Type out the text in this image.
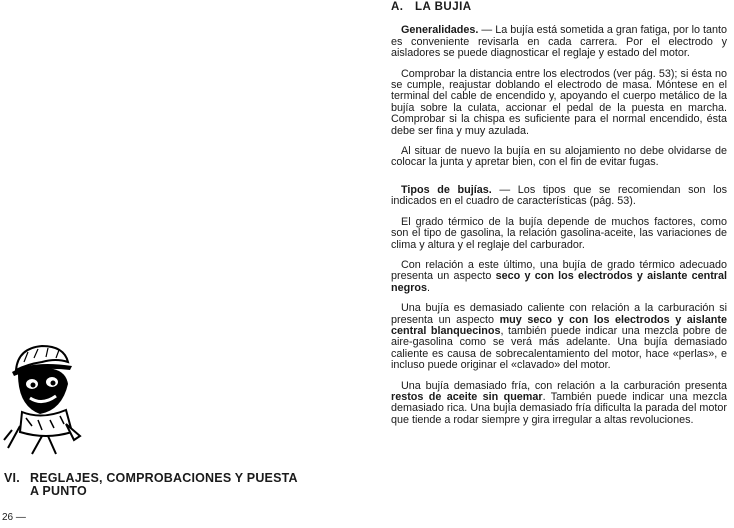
VI. REGLAJES, COMPROBACIONES Y PUESTA
A PUNTO
26 —
A. LA BUJIA

Generalidades. — La bujía está sometida a gran fatiga, por lo tanto es conveniente revisarla en cada carrera. Por el electrodo y aisladores se puede diagnosticar el reglaje y estado del motor.

Comprobar la distancia entre los electrodos (ver pág. 53); si ésta no se cumple, reajustar doblando el electrodo de masa. Móntese en el terminal del cable de encendido y, apoyando el cuerpo metálico de la bujía sobre la culata, accionar el pedal de la puesta en marcha. Comprobar si la chispa es suficiente para el normal encendido, ésta debe ser fina y muy azulada.

Al situar de nuevo la bujía en su alojamiento no debe olvidarse de colocar la junta y apretar bien, con el fin de evitar fugas.

Tipos de bujías. — Los tipos que se recomiendan son los indicados en el cuadro de características (pág. 53).

El grado térmico de la bujía depende de muchos factores, como son el tipo de gasolina, la relación gasolina-aceite, las variaciones de clima y altura y el reglaje del carburador.

Con relación a este último, una bujía de grado térmico adecuado presenta un aspecto seco y con los electrodos y aislante central negros.

Una bujía es demasiado caliente con relación a la carburación si presenta un aspecto muy seco y con los electrodos y aislante central blanquecinos, también puede indicar una mezcla pobre de aire-gasolina como se verá más adelante. Una bujía demasiado caliente es causa de sobrecalentamiento del motor, hace «perlas», e incluso puede originar el «clavado» del motor.

Una bujía demasiado fría, con relación a la carburación presenta restos de aceite sin quemar. También puede indicar una mezcla demasiado rica. Una bujía demasiado fría dificulta la parada del motor que tiende a rodar siempre y gira irregular a altas revoluciones.
